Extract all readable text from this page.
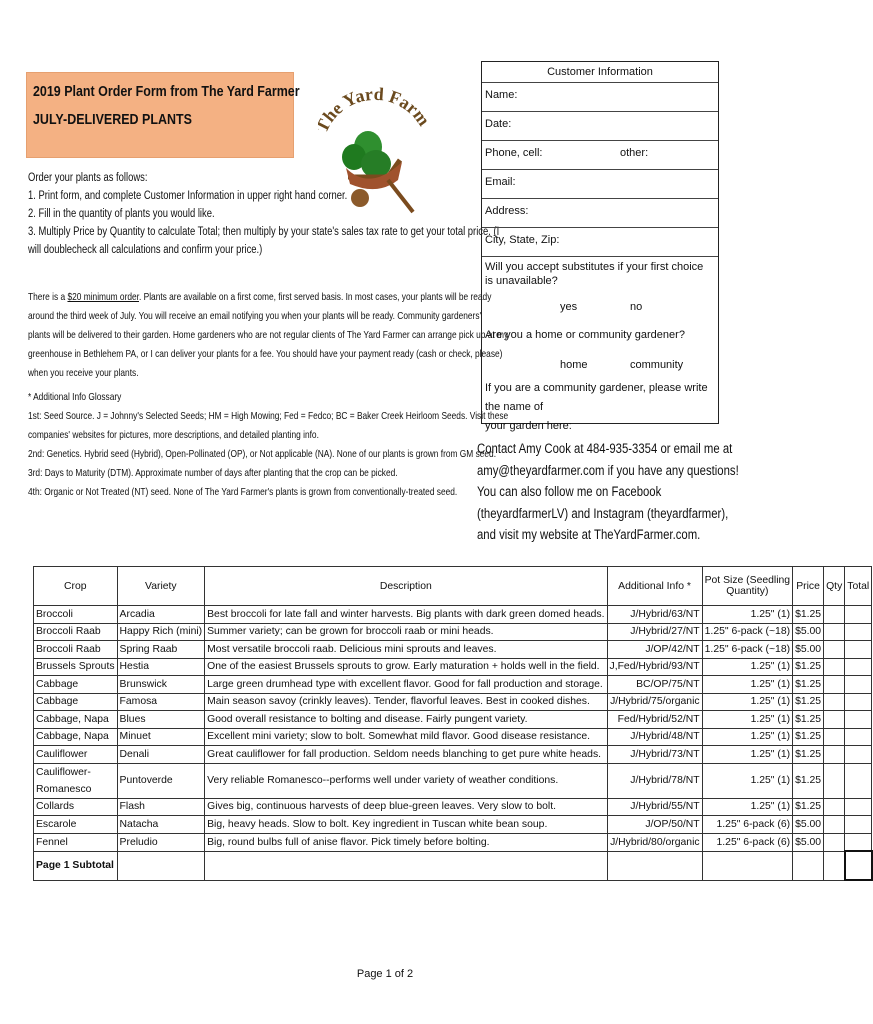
2019 Plant Order Form from The Yard Farmer
JULY-DELIVERED PLANTS	he Yard Far
Order your plants as follows:
1. Print form, and complete Customer Information in upper right hand corner.
2. Fill in the quantity of plants you would like.
3. Multiply Price by Quantity to calculate Total; then multiply by your state's sales tax rate to get your total price. (I
will doublecheck all calculations and confirm your price.)
There is a $20 minimum order. Plants are available on a first come, first served basis. In most cases, your plants will be ready
around the third week of July. You will receive an email notifying you when your plants will be ready. Community gardeners'
plants will be delivered to their garden. Home gardeners who are not regular clients of The Yard Farmer can arrange pick up at my
greenhouse in Bethlehem PA, or I can deliver your plants for a fee. You should have your payment ready (cash or check, please)
when you receive your plants.
* Additional Info Glossary
1st: Seed Source. J = Johnny's Selected Seeds; HM = High Mowing; Fed = Fedco; BC = Baker Creek Heirloom Seeds. Visit these
companies' websites for pictures, more descriptions, and detailed planting info.
2nd: Genetics. Hybrid seed (Hybrid), Open-Pollinated (OP), or Not applicable (NA). None of our plants is grown from GM seed.
3rd: Days to Maturity (DTM). Approximate number of days after planting that the crop can be picked.
4th: Organic or Not Treated (NT) seed. None of The Yard Farmer's plants is grown from conventionally-treated seed.
Customer Information
Name:
Date:
Phone, cell:	other:
Email:
Address:
City, State, Zip:
Will you accept substitutes if your first choice
is unavailable?
yes	no
Are you a home or community gardener?
home	community
If you are a community gardener, please write the name of
your garden here:
Contact Amy Cook at 484-935-3354 or email me at
amy@theyardfarmer.com if you have any questions!
You can also follow me on Facebook
(theyardfarmerLV) and Instagram (theyardfarmer),
and visit my website at TheYardFarmer.com.
Crop	Variety	Description	Additional Info *	Pot Size (Seedling
Quantity)	Price	Qty	Total
Broccoli	Arcadia	Best broccoli for late fall and winter harvests. Big plants with dark green domed heads.	J/Hybrid/63/NT	1.25" (1)	$1.25		
Broccoli Raab	Happy Rich (mini)	Summer variety; can be grown for broccoli raab or mini heads.	J/Hybrid/27/NT	1.25" 6-pack (~18)	$5.00		
Broccoli Raab	Spring Raab	Most versatile broccoli raab. Delicious mini sprouts and leaves.	J/OP/42/NT	1.25" 6-pack (~18)	$5.00		
Brussels Sprouts	Hestia	One of the easiest Brussels sprouts to grow. Early maturation + holds well in the field.	J,Fed/Hybrid/93/NT	1.25" (1)	$1.25		
Cabbage	Brunswick	Large green drumhead type with excellent flavor. Good for fall production and storage.	BC/OP/75/NT	1.25" (1)	$1.25		
Cabbage	Famosa	Main season savoy (crinkly leaves). Tender, flavorful leaves. Best in cooked dishes.	J/Hybrid/75/organic	1.25" (1)	$1.25		
Cabbage, Napa	Blues	Good overall resistance to bolting and disease. Fairly pungent variety.	Fed/Hybrid/52/NT	1.25" (1)	$1.25		
Cabbage, Napa	Minuet	Excellent mini variety; slow to bolt. Somewhat mild flavor. Good disease resistance.	J/Hybrid/48/NT	1.25" (1)	$1.25		
Cauliflower	Denali	Great cauliflower for fall production. Seldom needs blanching to get pure white heads.	J/Hybrid/73/NT	1.25" (1)	$1.25		
Cauliflower-Romanesco	Puntoverde	Very reliable Romanesco--performs well under variety of weather conditions.	J/Hybrid/78/NT	1.25" (1)	$1.25		
Collards	Flash	Gives big, continuous harvests of deep blue-green leaves. Very slow to bolt.	J/Hybrid/55/NT	1.25" (1)	$1.25		
Escarole	Natacha	Big, heavy heads. Slow to bolt. Key ingredient in Tuscan white bean soup.	J/OP/50/NT	1.25" 6-pack (6)	$5.00		
Fennel	Preludio	Big, round bulbs full of anise flavor. Pick timely before bolting.	J/Hybrid/80/organic	1.25" 6-pack (6)	$5.00		
Page 1 Subtotal							
Page 1 of 2
